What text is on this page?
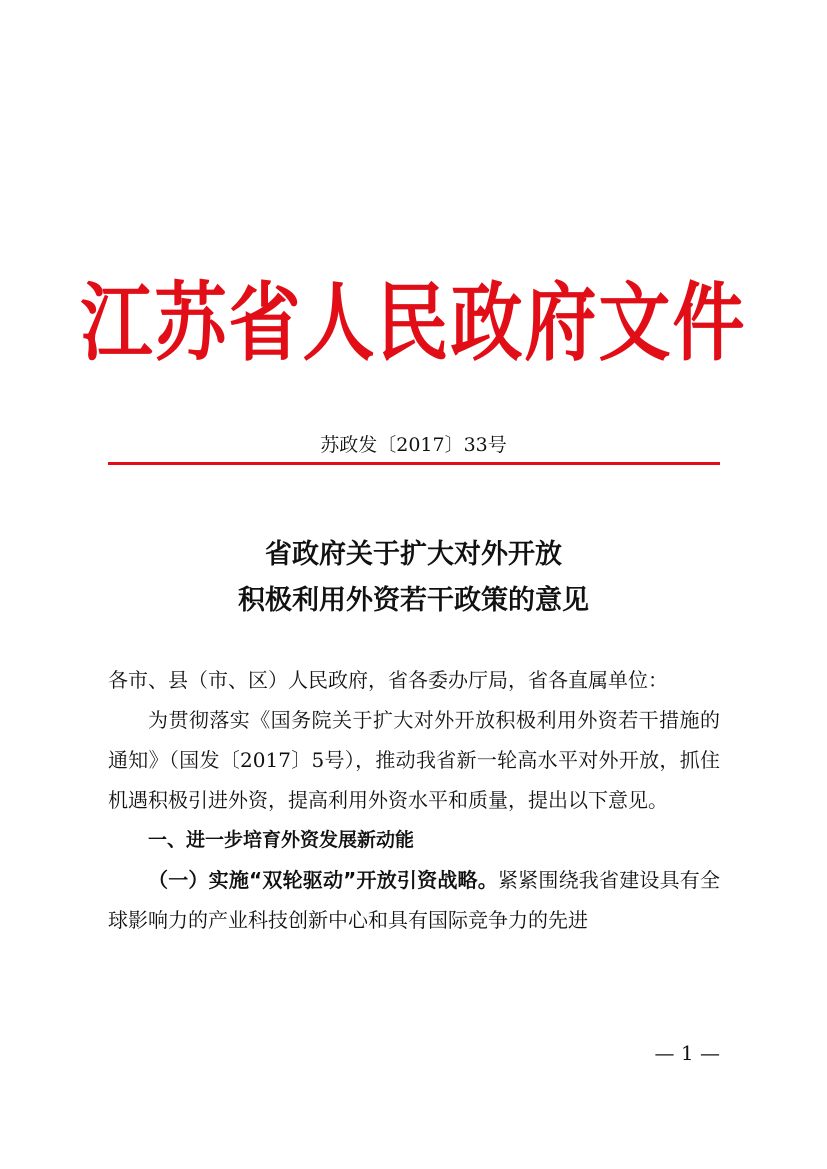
江苏省人民政府文件
苏政发〔2017〕33号
省政府关于扩大对外开放
积极利用外资若干政策的意见

各市、县（市、区）人民政府，省各委办厅局，省各直属单位：

为贯彻落实《国务院关于扩大对外开放积极利用外资若干措施的通知》（国发〔2017〕5号），推动我省新一轮高水平对外开放，抓住机遇积极引进外资，提高利用外资水平和质量，提出以下意见。

一、进一步培育外资发展新动能

（一）实施“双轮驱动”开放引资战略。紧紧围绕我省建设具有全球影响力的产业科技创新中心和具有国际竞争力的先进

— 1 —
